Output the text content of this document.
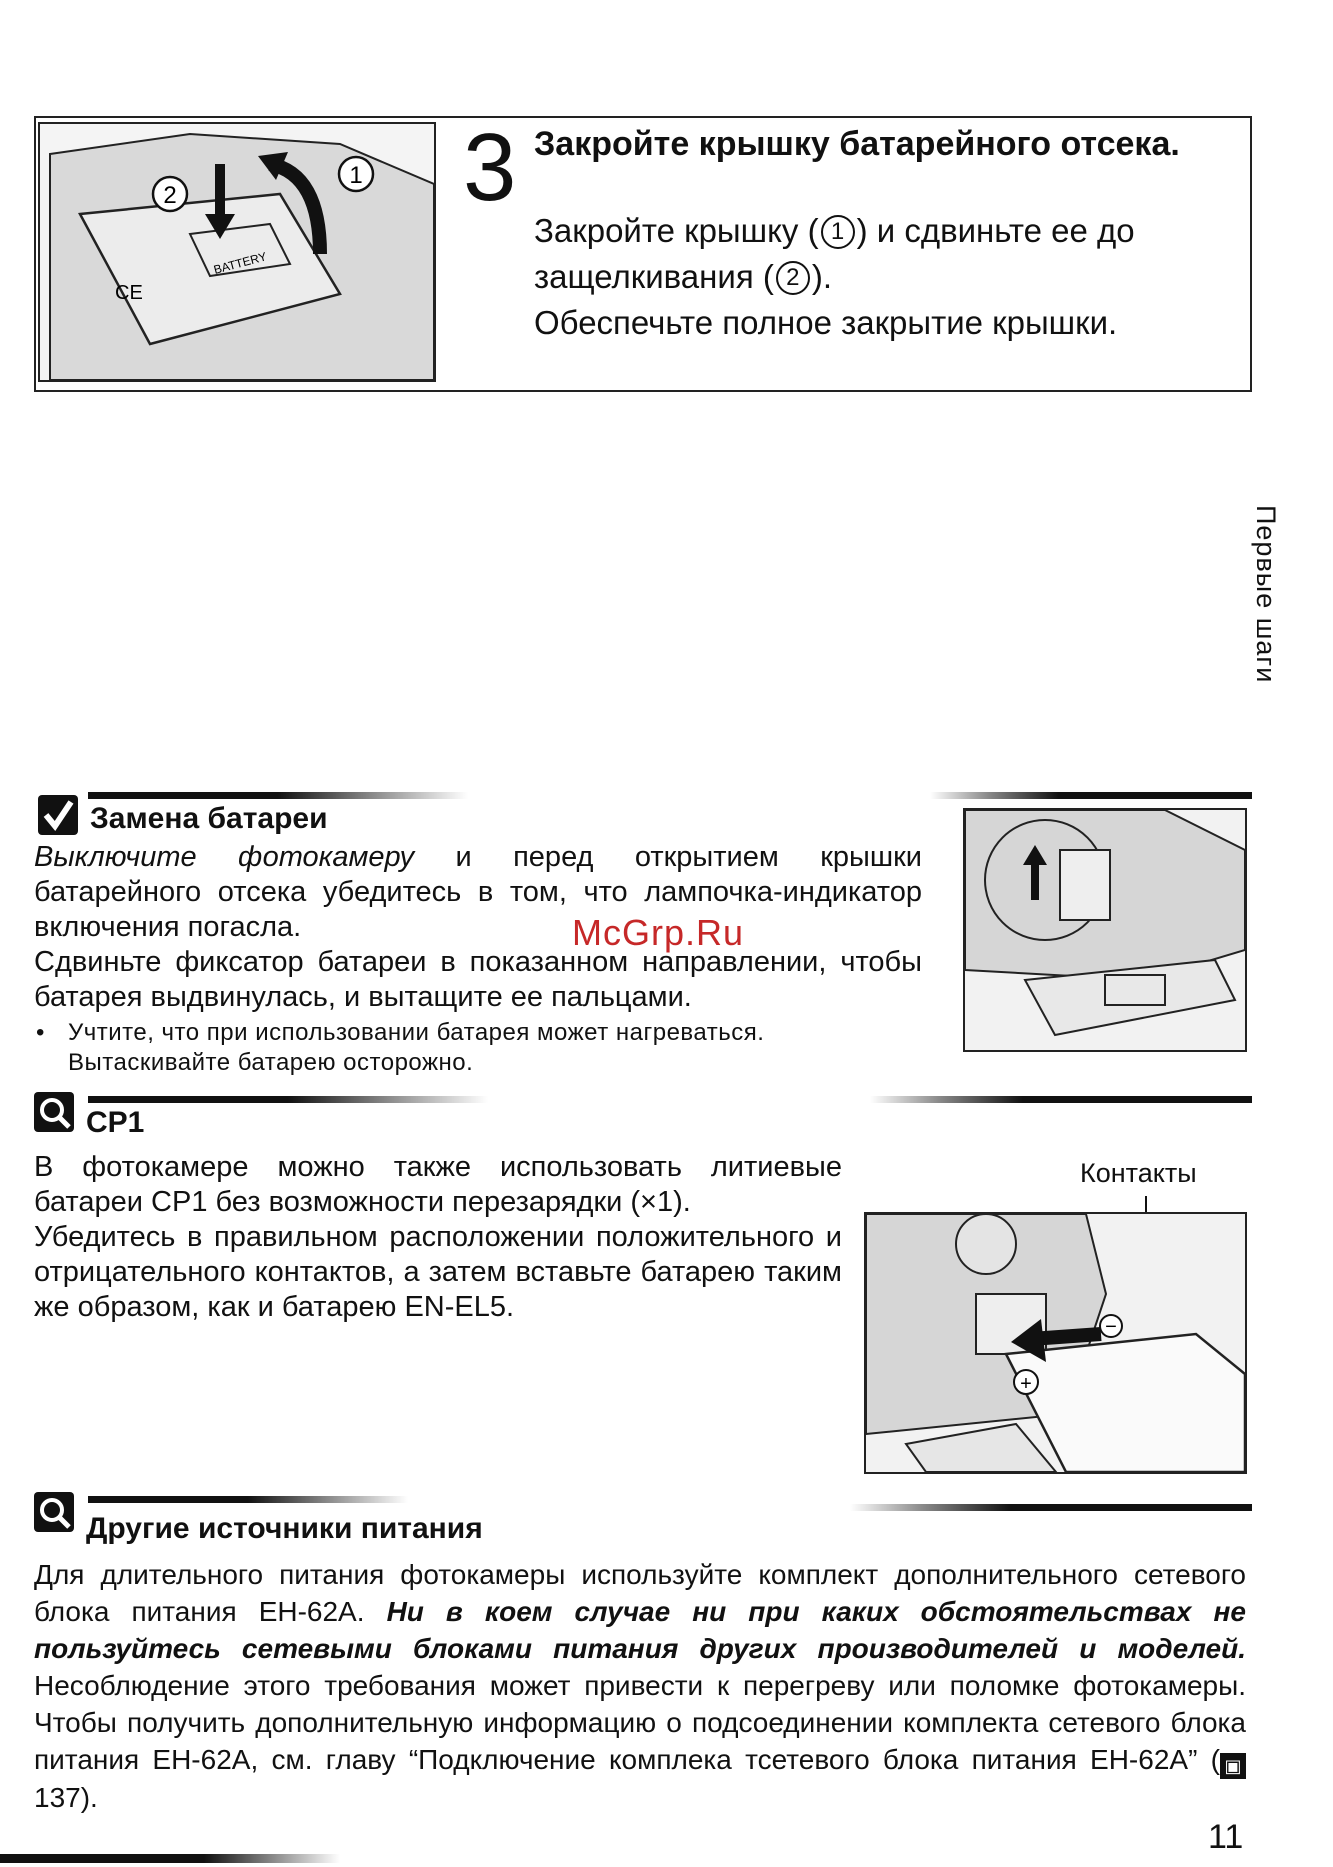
BATTERY
CE
1
2	3 Закройте крышку батарейного отсека.
Закройте крышку ( 1 ) и сдвиньте ее до защелкивания ( 2 ).
Обеспечьте полное закрытие крышки.
Первые шаги
McGrp.Ru
Замена батареи
Выключите фотокамеру и перед открытием крышки батарейного отсека убедитесь в том, что лампочка-индикатор включения погасла.
Сдвиньте фиксатор батареи в показанном направлении, чтобы батарея выдвинулась, и вытащите ее пальцами.
• Учтите, что при использовании батарея может нагреваться. Вытаскивайте батарею осторожно.
CP1
В фотокамере можно также использовать литиевые батареи CP1 без возможности перезарядки (×1).
Убедитесь в правильном расположении положительного и отрицательного контактов, а затем вставьте батарею таким же образом, как и батарею EN-EL5.
Контакты
+
−
Другие источники питания
Для длительного питания фотокамеры используйте комплект дополнительного сетевого блока питания EH-62A. Ни в коем случае ни при каких обстоятельствах не пользуйтесь сетевыми блоками питания других производителей и моделей. Несоблюдение этого требования может привести к перегреву или поломке фотокамеры. Чтобы получить дополнительную информацию о подсоединении комплекта сетевого блока питания EH-62A, см. главу “Подключение комплека тсетевого блока питания EH-62A” ( ▣137).
11
